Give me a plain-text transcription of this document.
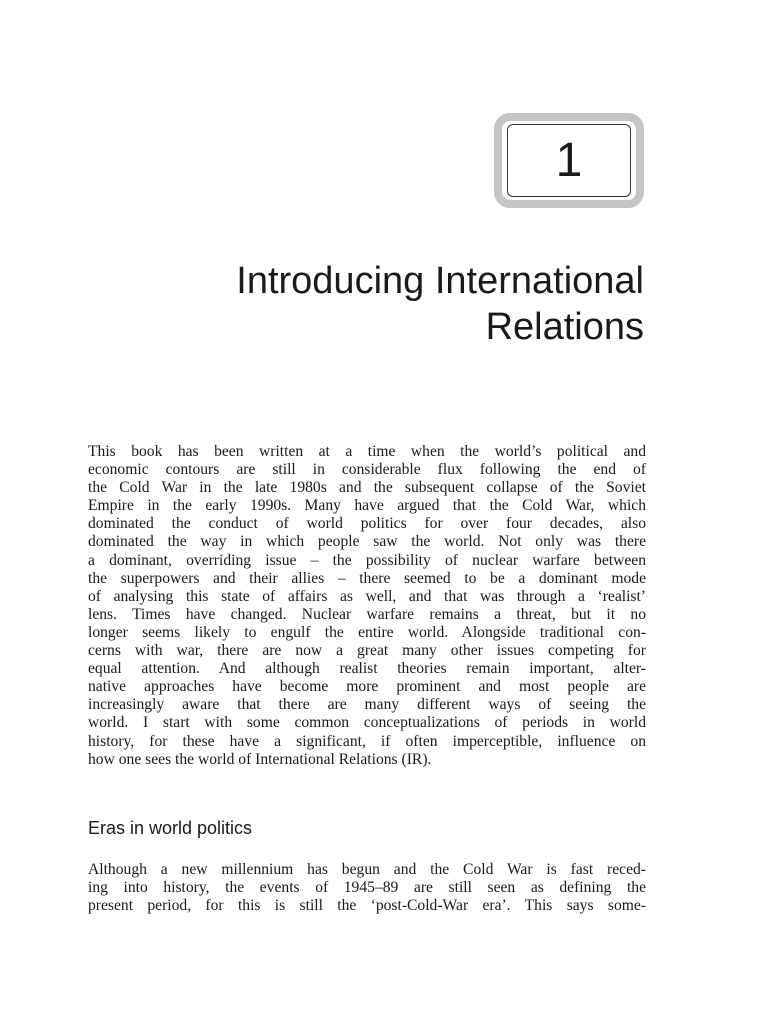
1
Introducing International
Relations
This book has been written at a time when the world’s political and
economic contours are still in considerable flux following the end of
the Cold War in the late 1980s and the subsequent collapse of the Soviet
Empire in the early 1990s. Many have argued that the Cold War, which
dominated the conduct of world politics for over four decades, also
dominated the way in which people saw the world. Not only was there
a dominant, overriding issue – the possibility of nuclear warfare between
the superpowers and their allies – there seemed to be a dominant mode
of analysing this state of affairs as well, and that was through a ‘realist’
lens. Times have changed. Nuclear warfare remains a threat, but it no
longer seems likely to engulf the entire world. Alongside traditional con-
cerns with war, there are now a great many other issues competing for
equal attention. And although realist theories remain important, alter-
native approaches have become more prominent and most people are
increasingly aware that there are many different ways of seeing the
world. I start with some common conceptualizations of periods in world
history, for these have a significant, if often imperceptible, influence on
how one sees the world of International Relations (IR).
Eras in world politics
Although a new millennium has begun and the Cold War is fast reced-
ing into history, the events of 1945–89 are still seen as defining the
present period, for this is still the ‘post-Cold-War era’. This says some-
